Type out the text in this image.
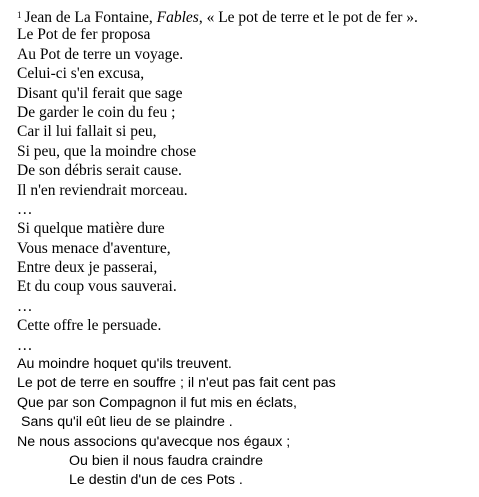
$^1$ Jean de La Fontaine, Fables, « Le pot de terre et le pot de fer ».
Le Pot de fer proposa
Au Pot de terre un voyage.
Celui-ci s'en excusa,
Disant qu'il ferait que sage
De garder le coin du feu ;
Car il lui fallait si peu,
Si peu, que la moindre chose
De son débris serait cause.
Il n'en reviendrait morceau.
…
Si quelque matière dure
Vous menace d'aventure,
Entre deux je passerai,
Et du coup vous sauverai.
…
Cette offre le persuade.
…
Au moindre hoquet qu'ils treuvent.
Le pot de terre en souffre ; il n'eut pas fait cent pas
Que par son Compagnon il fut mis en éclats,
Sans qu'il eût lieu de se plaindre .
Ne nous associons qu'avecque nos égaux ;
Ou bien il nous faudra craindre
Le destin d'un de ces Pots .
